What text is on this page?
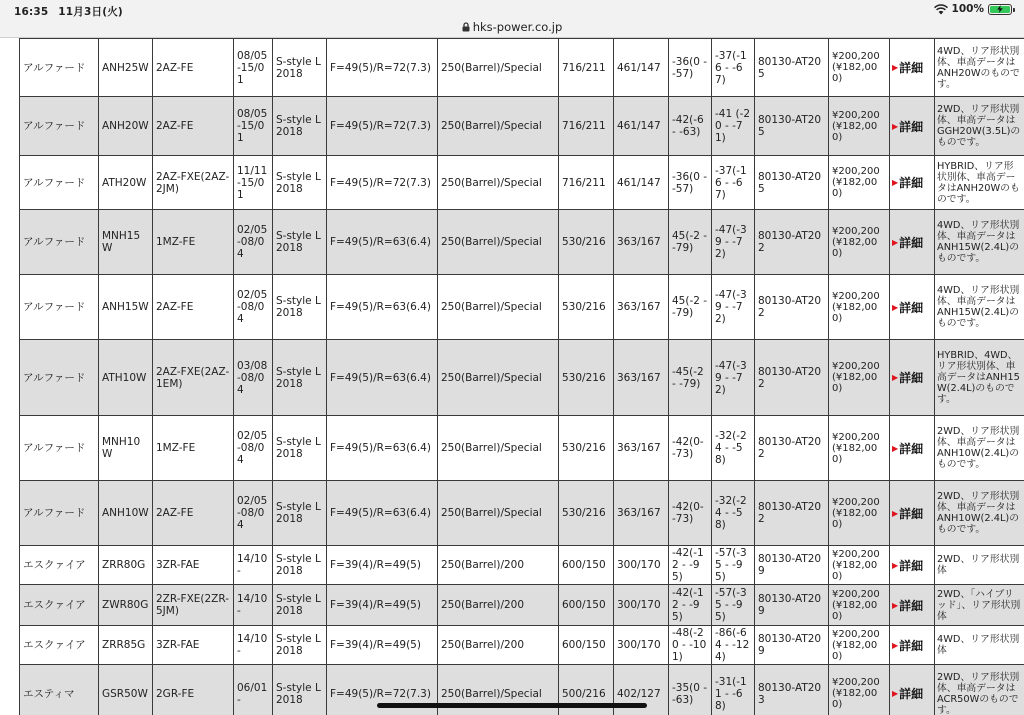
16:35 11月3日(火)	100%
hks-power.co.jp
アルファード	ANH25W	2AZ-FE	08/05-15/01	S-style L 2018	F=49(5)/R=72(7.3)	250(Barrel)/Special	716/211	461/147	-36(0 - -57)	-37(-16 - -67)	80130-AT205	¥200,200 (¥182,000)	▶ 詳細	4WD、リア形状別体、車高データはANH20Wのものです。
アルファード	ANH20W	2AZ-FE	08/05-15/01	S-style L 2018	F=49(5)/R=72(7.3)	250(Barrel)/Special	716/211	461/147	-42(-6 - -63)	-41 (-20 - -71)	80130-AT205	¥200,200 (¥182,000)	▶ 詳細	2WD、リア形状別体、車高データはGGH20W(3.5L)のものです。
アルファード	ATH20W	2AZ-FXE(2AZ-2JM)	11/11-15/01	S-style L 2018	F=49(5)/R=72(7.3)	250(Barrel)/Special	716/211	461/147	-36(0 - -57)	-37(-16 - -67)	80130-AT205	¥200,200 (¥182,000)	▶ 詳細	HYBRID、リア形状別体、車高データはANH20Wのものです。
アルファード	MNH15W	1MZ-FE	02/05-08/04	S-style L 2018	F=49(5)/R=63(6.4)	250(Barrel)/Special	530/216	363/167	45(-2 - -79)	-47(-39 - -72)	80130-AT202	¥200,200 (¥182,000)	▶ 詳細	4WD、リア形状別体、車高データはANH15W(2.4L)のものです。
アルファード	ANH15W	2AZ-FE	02/05-08/04	S-style L 2018	F=49(5)/R=63(6.4)	250(Barrel)/Special	530/216	363/167	45(-2 - -79)	-47(-39 - -72)	80130-AT202	¥200,200 (¥182,000)	▶ 詳細	4WD、リア形状別体、車高データはANH15W(2.4L)のものです。
アルファード	ATH10W	2AZ-FXE(2AZ-1EM)	03/08-08/04	S-style L 2018	F=49(5)/R=63(6.4)	250(Barrel)/Special	530/216	363/167	-45(-2 - -79)	-47(-39 - -72)	80130-AT202	¥200,200 (¥182,000)	▶ 詳細	HYBRID、4WD、リア形状別体、車高データはANH15W(2.4L)のものです。
アルファード	MNH10W	1MZ-FE	02/05-08/04	S-style L 2018	F=49(5)/R=63(6.4)	250(Barrel)/Special	530/216	363/167	-42(0- -73)	-32(-24 - -58)	80130-AT202	¥200,200 (¥182,000)	▶ 詳細	2WD、リア形状別体、車高データはANH10W(2.4L)のものです。
アルファード	ANH10W	2AZ-FE	02/05-08/04	S-style L 2018	F=49(5)/R=63(6.4)	250(Barrel)/Special	530/216	363/167	-42(0- -73)	-32(-24 - -58)	80130-AT202	¥200,200 (¥182,000)	▶ 詳細	2WD、リア形状別体、車高データはANH10W(2.4L)のものです。
エスクァイア	ZRR80G	3ZR-FAE	14/10-	S-style L 2018	F=39(4)/R=49(5)	250(Barrel)/200	600/150	300/170	-42(-12 - -95)	-57(-35 - -95)	80130-AT209	¥200,200 (¥182,000)	▶ 詳細	2WD、リア形状別体
エスクァイア	ZWR80G	2ZR-FXE(2ZR-5JM)	14/10-	S-style L 2018	F=39(4)/R=49(5)	250(Barrel)/200	600/150	300/170	-42(-12 - -95)	-57(-35 - -95)	80130-AT209	¥200,200 (¥182,000)	▶ 詳細	2WD、「ハイブリッド」、リア形状別体
エスクァイア	ZRR85G	3ZR-FAE	14/10-	S-style L 2018	F=39(4)/R=49(5)	250(Barrel)/200	600/150	300/170	-48(-20 - -101)	-86(-64 - -124)	80130-AT209	¥200,200 (¥182,000)	▶ 詳細	4WD、リア形状別体
エスティマ	GSR50W	2GR-FE	06/01-	S-style L 2018	F=49(5)/R=72(7.3)	250(Barrel)/Special	500/216	402/127	-35(0 - -63)	-31(-11 - -68)	80130-AT203	¥200,200 (¥182,000)	▶ 詳細	2WD、リア形状別体、車高データはACR50Wのものです。
